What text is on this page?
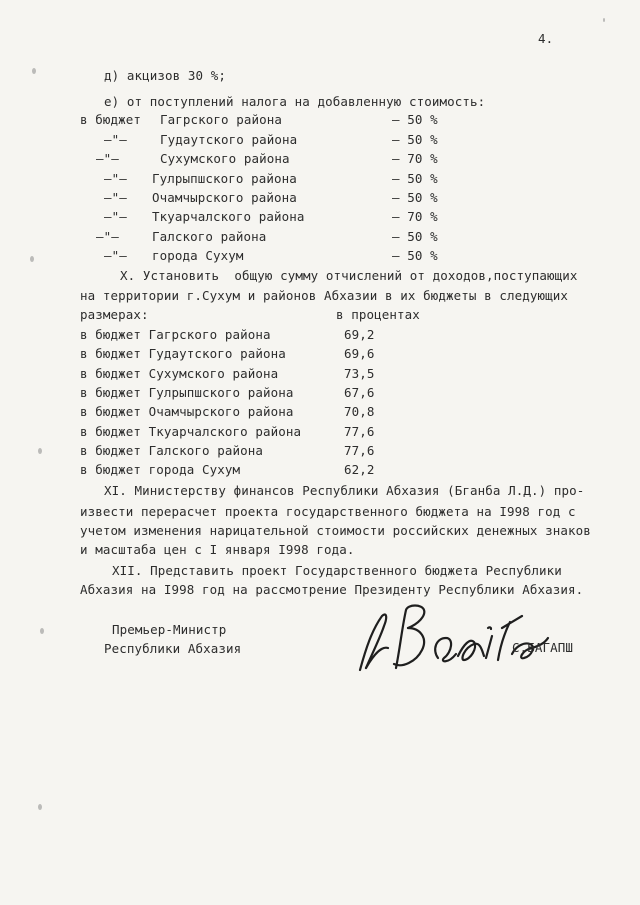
4.
д) акцизов 30 %;
е) от поступлений налога на добавленную стоимость:
в бюджет Гагрского района	– 50 %
–"–	Гудаутского района	– 50 %
–"–	Сухумского района	– 70 %
–"– Гулрыпшского района	– 50 %
–"– Очамчырского района	– 50 %
–"– Ткуарчалского района	– 70 %
–"–	Галского района	– 50 %
–"– города Сухум	– 50 %
Х. Установить  общую сумму отчислений от доходов,поступающих
на территории г.Сухум и районов Абхазии в их бюджеты в следующих
размерах:	в процентах
в бюджет Гагрского района	69,2
в бюджет Гудаутского района	69,6
в бюджет Сухумского района	73,5
в бюджет Гулрыпшского района	67,6
в бюджет Очамчырского района	70,8
в бюджет Ткуарчалского района	77,6
в бюджет Галского района	77,6
в бюджет города Сухум	62,2
XI. Министерству финансов Республики Абхазия (Бганба Л.Д.) про-
извести перерасчет проекта государственного бюджета на I998 год с
учетом изменения нарицательной стоимости российских денежных знаков
и масштаба цен с I января I998 года.
XII. Представить проект Государственного бюджета Республики
Абхазия на I998 год на рассмотрение Президенту Республики Абхазия.
Премьер-Министр
Республики Абхазия	С.БАГАПШ
